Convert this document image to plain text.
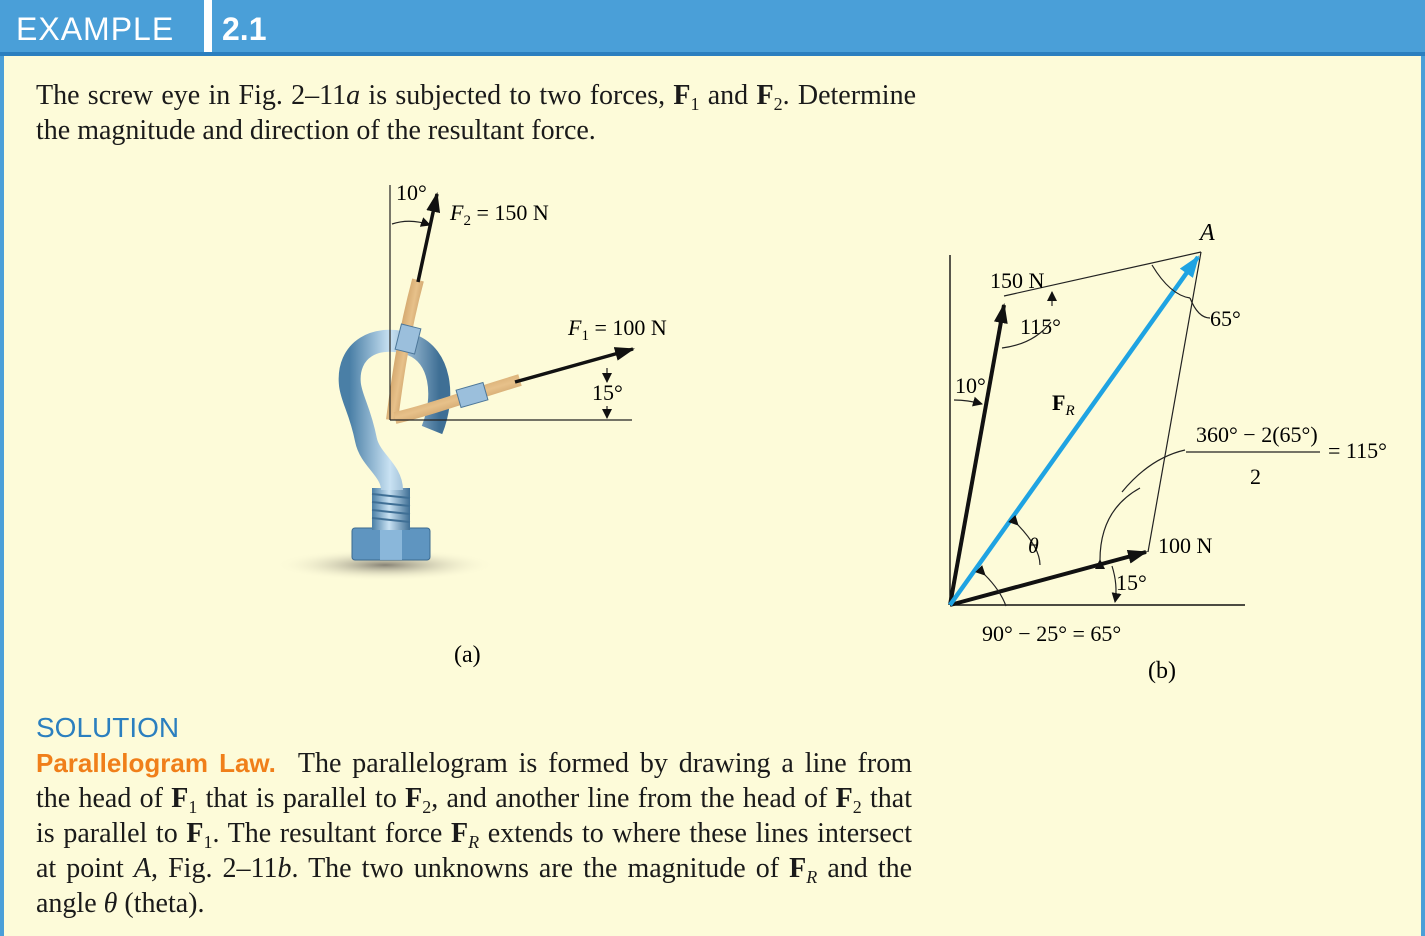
EXAMPLE	2.1
The screw eye in Fig. 2–11a is subjected to two forces, $F_1$ and $F_2$. Determine the magnitude and direction of the resultant force.
10°
$F_2 = 150$ N
$F_1 = 100$ N
15°
(a)
A
150 N
115°	65°
10°
$F_R$
360° − 2(65°)
= 115°
2
θ	100 N
15°
90° − 25° = 65°
(b)
SOLUTION
Parallelogram Law. The parallelogram is formed by drawing a line from the head of $F_1$ that is parallel to $F_2$, and another line from the head of $F_2$ that is parallel to $F_1$. The resultant force $F_R$ extends to where these lines intersect at point A, Fig. 2–11b. The two unknowns are the magnitude of $F_R$ and the angle θ (theta).
